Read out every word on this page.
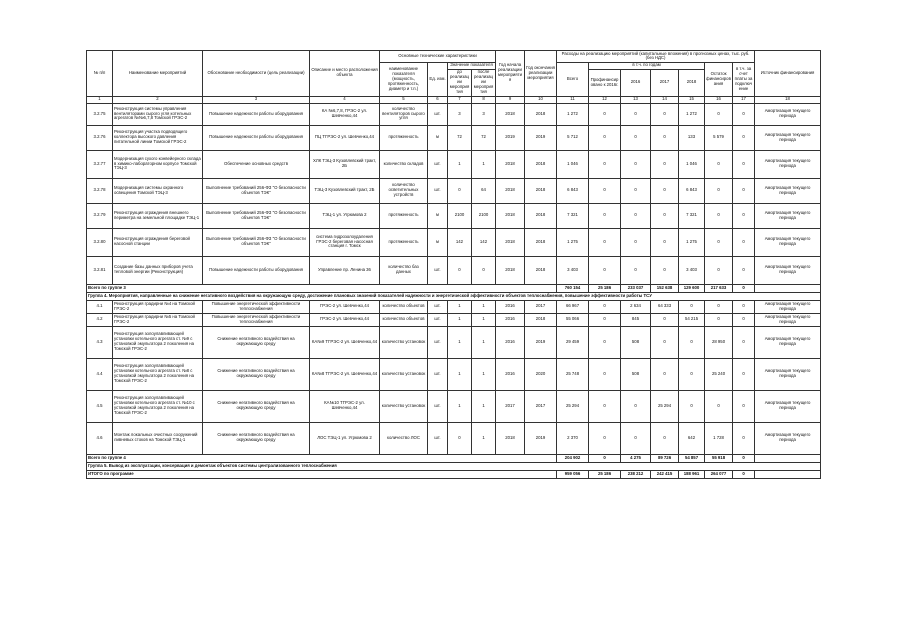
№ п/п	Наименование мероприятий	Обоснование необходимости (цель реализации)	Описание и место расположения объекта	Основные технические характеристики				Год начала реализации мероприятия	Год окончания реализации мероприятия	Расходы на реализацию мероприятий (капитальные вложения) в прогнозных ценах, тыс. руб. (без НДС)							Источник финансирования
				наименование показателя (мощность, протяженность, диаметр и т.п.)	Ед. изм.	Значение показателя				Всего	в т.ч. по годам				Остаток финансирования	в т.ч. за счет платы за подключение	
						до реализации мероприятия	после реализации мероприятия				Профинансировано к 2016г.	2016	2017	2018			
1	2	3	4	5	6	7	8	9	10	11	12	13	14	15	16	17	18
3.2.75	Реконструкция системы управления вентиляторами сырого угля котельных агрегатов №№6,7,8 Томской ГРЭС-2	Повышение надежности работы оборудования	КА №6,7,8, ГРЭС-2 ул. Шевченко,44	количество вентиляторов сырого угля	шт.	3	3	2018	2018	1 272	0	0	0	1 272	0	0	Амортизация текущего периода
3.2.76	Реконструкция участка подводящего коллектора высокого давления питательной линии Томской ГРЭС-2	Повышение надежности работы оборудования	ПЦ ТГРЭС-2 ул. Шевченко,44	протяженность	м	72	72	2019	2019	5 712	0	0	0	133	5 579	0	Амортизация текущего периода
3.2.77	Модернизация сухого конвейерного склада в химико-лабораторном корпусе Томской ТЭЦ-3	Обеспечение основных средств	ХЛК ТЭЦ-3 Кузовлевский тракт, 2Б	количество складов	шт.	1	1	2018	2018	1 046	0	0	0	1 046	0	0	Амортизация текущего периода
3.2.78	Модернизация системы охранного освещения Томской ТЭЦ-3	Выполнение требований 256-ФЗ "О безопасности объектов ТЭК"	ТЭЦ-3 Кузовлевский тракт, 2Б	количество осветительных устройств	шт.	0	64	2018	2018	6 843	0	0	0	6 843	0	0	Амортизация текущего периода
3.2.79	Реконструкция ограждения внешнего периметра на земельной площадке ТЭЦ-1	Выполнение требований 256-ФЗ "О безопасности объектов ТЭК"	ТЭЦ-1 ул. Угрюмова 2	протяженность	м	2100	2100	2018	2018	7 321	0	0	0	7 321	0	0	Амортизация текущего периода
3.2.80	Реконструкция ограждения береговой насосной станции	Выполнение требований 256-ФЗ "О безопасности объектов ТЭК"	система гидрозолоудаления ГРЭС-2 береговая насосная станция г. Томск	протяженность	м	142	142	2018	2018	1 275	0	0	0	1 275	0	0	Амортизация текущего периода
3.2.81	Создание базы данных приборов учета тепловой энергии (Реконструкция)	Повышение надежности работы оборудования	Управление пр. Ленина 36	количество баз данных	шт.	0	0	2018	2018	3 403	0	0	0	3 403	0	0	Амортизация текущего периода
Всего по группе 3										760 154	25 186	233 037	152 638	129 600	217 633	0	
Группа 4. Мероприятия, направленные на снижение негативного воздействия на окружающую среду, достижение плановых значений показателей надежности и энергетической эффективности объектов теплоснабжения, повышение эффективности работы ТСУ																	
4.1	Реконструкция градирни №4 на Томской ГРЭС-2	Повышение энергетической эффективности теплоснабжения	ГРЭС-2 ул. Шевченко,44	количество объектов	шт.	1	1	2016	2017	66 967	0	2 634	64 333	0	0	0	Амортизация текущего периода
4.2	Реконструкция градирни №5 на Томской ГРЭС-2	Повышение энергетической эффективности теплоснабжения	ГРЭС-2 ул. Шевченко,44	количество объектов	шт.	1	1	2016	2018	55 066	0	845	0	54 215	0	0	Амортизация текущего периода
4.3	Реконструкция золоулавливающей установки котельного агрегата ст. №9 с установкой эмульгатора 2 поколения на Томской ГРЭС-2	Снижение негативного воздействия на окружающую среду	КА№9 ТГРЭС-2 ул. Шевченко,44	количество установок	шт.	1	1	2016	2019	29 459	0	508	0	0	28 950	0	Амортизация текущего периода
4.4	Реконструкция золоулавливающей установки котельного агрегата ст. №8 с установкой эмульгатора 2 поколения на Томской ГРЭС-2	Снижение негативного воздействия на окружающую среду	КА№8 ТГРЭС-2 ул. Шевченко,44	количество установок	шт.	1	1	2016	2020	25 748	0	508	0	0	25 240	0	Амортизация текущего периода
4.5	Реконструкция золоулавливающей установки котельного агрегата ст. №10 с установкой эмульгатора 2 поколения на Томской ГРЭС-2	Снижение негативного воздействия на окружающую среду	КА№10 ТГРЭС-2 ул. Шевченко,44	количество установок	шт.	1	1	2017	2017	25 294	0	0	25 294	0	0	0	Амортизация текущего периода
4.6	Монтаж локальных очистных сооружений ливневых стоков на Томской ТЭЦ-1	Снижение негативного воздействия на окружающую среду	ЛОС ТЭЦ-1 ул. Угрюмова 2	количество ЛОС	шт.	0	1	2018	2019	2 370	0	0	0	642	1 728	0	Амортизация текущего периода
Всего по группе 4										204 902	0	4 275	89 726	54 857	55 918	0	
Группа 5. Вывод из эксплуатации, консервация и демонтаж объектов системы централизованного теплоснабжения																	
ИТОГО по программе										959 056	25 186	238 212	242 415	188 961	264 077	0	
